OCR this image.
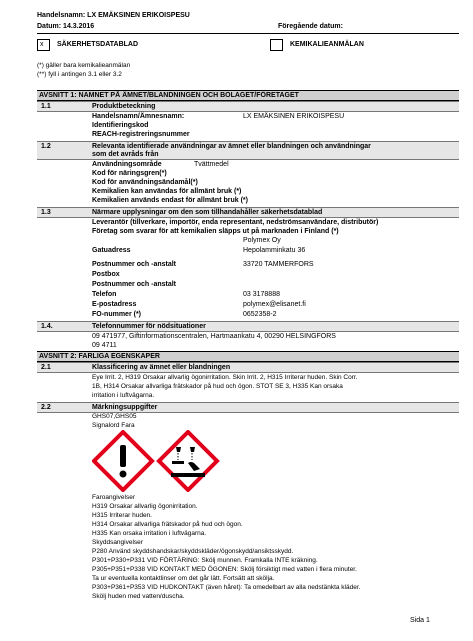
Handelsnamn: LX EMÄKSINEN ERIKOISPESU
Datum: 14.3.2016	Föregående datum:
x SÄKERHETSDATABLAD	KEMIKALIEANMÄLAN
(*) gäller bara kemikalieanmälan
(**) fyll i antingen 3.1 eller 3.2
AVSNITT 1: NAMNET PÅ ÄMNET/BLANDNINGEN OCH BOLAGET/FÖRETAGET
1.1	Produktbeteckning
Handelsnamn/Ämnesnamn:	LX EMÄKSINEN ERIKOISPESU
Identifieringskod
REACH-registreringsnummer
1.2	Relevanta identifierade användningar av ämnet eller blandningen och användningar
som det avråds från
Användningsområde	Tvättmedel
Kod för näringsgren(*)
Kod för användningsändamål(*)
Kemikalien kan användas för allmänt bruk (*)
Kemikalien används endast för allmänt bruk (*)
1.3	Närmare upplysningar om den som tillhandahåller säkerhetsdatablad
Leverantör (tillverkare, importör, enda representant, nedströmsanvändare, distributör)
Företag som svarar för att kemikalien släpps ut på marknaden i Finland (*)
Polymex Oy
Gatuadress	Hepolamminkatu 36
Postnummer och -anstalt	33720 TAMMERFORS
Postbox
Postnummer och -anstalt
Telefon	03 3178888
E-postadress	polymex@elisanet.fi
FO-nummer (*)	0652358-2
1.4.	Telefonnummer för nödsituationer
09 471977, Giftinformationscentralen, Hartmaankatu 4, 00290 HELSINGFORS
09 4711
AVSNITT 2: FARLIGA EGENSKAPER
2.1	Klassificering av ämnet eller blandningen
Eye Irrit. 2, H319 Orsakar allvarlig ögonirritation. Skin Irrit. 2, H315 Irriterar huden. Skin Corr.
1B, H314 Orsakar allvarliga frätskador på hud och ögon. STOT SE 3, H335 Kan orsaka
irritation i luftvägarna.
2.2	Märkningsuppgifter
GHS07,GHS05
Signalord Fara
Faroangivelser
H319 Orsakar allvarlig ögonirritation.
H315 Irriterar huden.
H314 Orsakar allvarliga frätskador på hud och ögon.
H335 Kan orsaka irritation i luftvägarna.
Skyddsangivelser
P280 Använd skyddshandskar/skyddskläder/ögonskydd/ansiktsskydd.
P301+P330+P331 VID FÖRTÄRING: Skölj munnen. Framkalla INTE kräkning.
P305+P351+P338 VID KONTAKT MED ÖGONEN: Skölj försiktigt med vatten i flera minuter.
Ta ur eventuella kontaktlinser om det går lätt. Fortsätt att skölja.
P303+P361+P353 VID HUDKONTAKT (även håret): Ta omedelbart av alla nedstänkta kläder.
Skölj huden med vatten/duscha.
Sida 1
